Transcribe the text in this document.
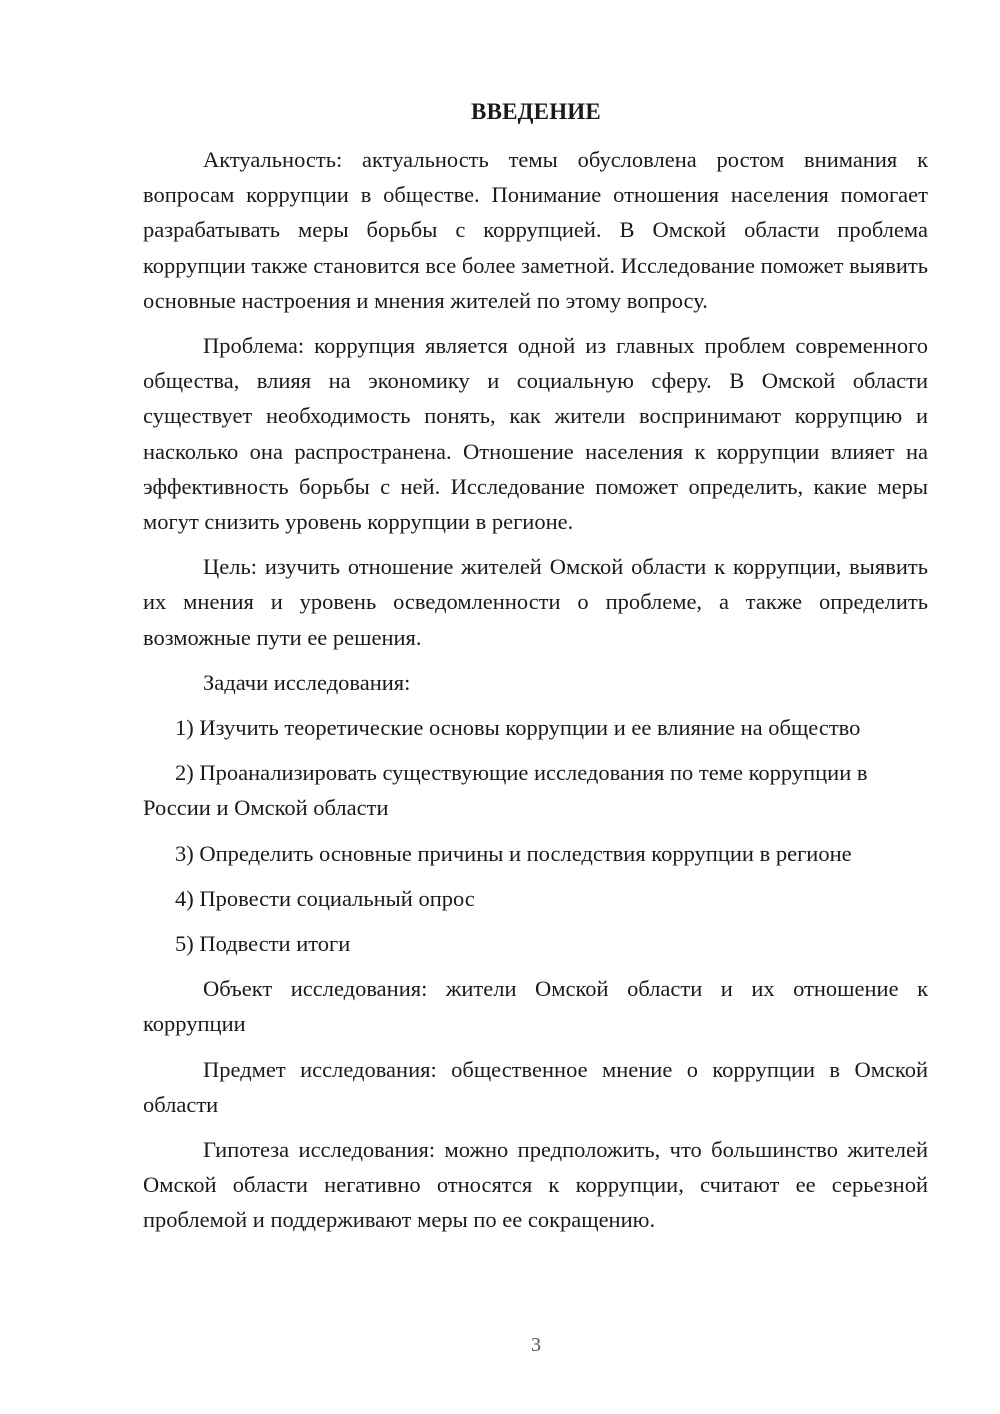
ВВЕДЕНИЕ

Актуальность: актуальность темы обусловлена ростом внимания к вопросам коррупции в обществе. Понимание отношения населения помогает разрабатывать меры борьбы с коррупцией. В Омской области проблема коррупции также становится все более заметной. Исследование поможет выявить основные настроения и мнения жителей по этому вопросу.

Проблема: коррупция является одной из главных проблем современного общества, влияя на экономику и социальную сферу. В Омской области существует необходимость понять, как жители воспринимают коррупцию и насколько она распространена. Отношение населения к коррупции влияет на эффективность борьбы с ней. Исследование поможет определить, какие меры могут снизить уровень коррупции в регионе.

Цель: изучить отношение жителей Омской области к коррупции, выявить их мнения и уровень осведомленности о проблеме, а также определить возможные пути ее решения.

Задачи исследования:

1) Изучить теоретические основы коррупции и ее влияние на общество

2) Проанализировать существующие исследования по теме коррупции в России и Омской области

3) Определить основные причины и последствия коррупции в регионе

4) Провести социальный опрос

5) Подвести итоги

Объект исследования: жители Омской области и их отношение к коррупции

Предмет исследования: общественное мнение о коррупции в Омской области

Гипотеза исследования: можно предположить, что большинство жителей Омской области негативно относятся к коррупции, считают ее серьезной проблемой и поддерживают меры по ее сокращению.

3
